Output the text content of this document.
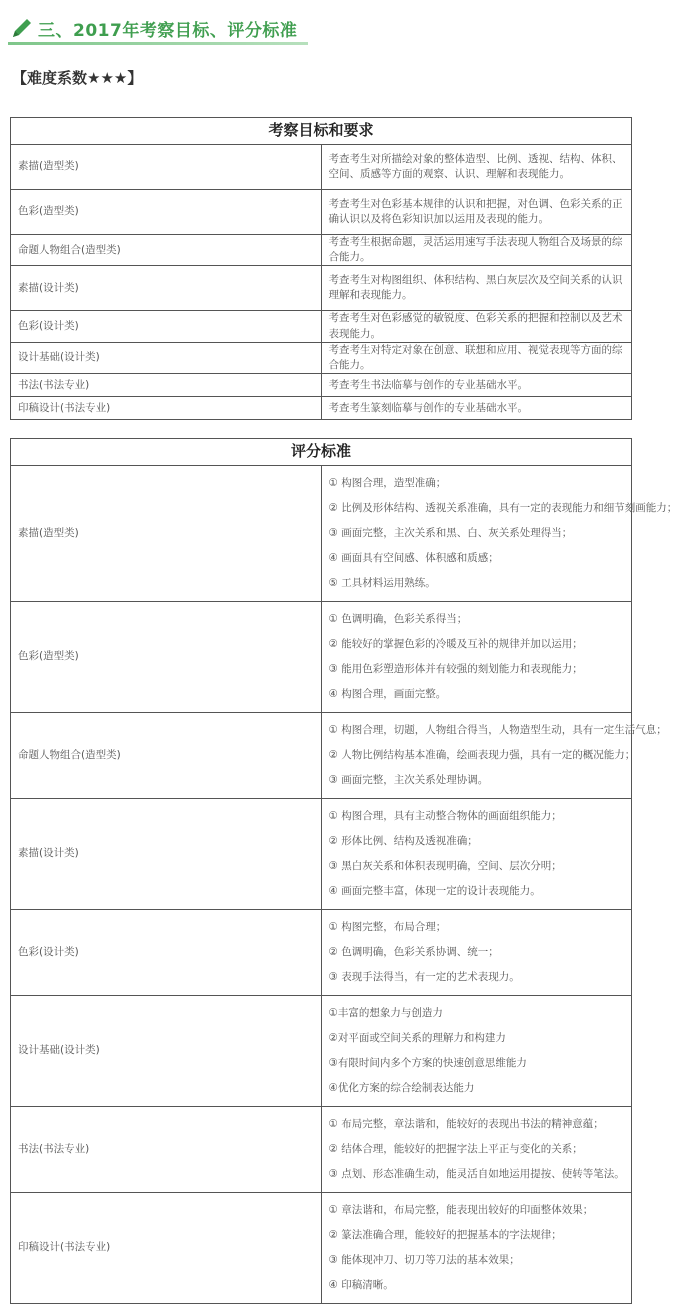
三、2017年考察目标、评分标准
【难度系数★★★】
考察目标和要求	
素描(造型类)	考查考生对所描绘对象的整体造型、比例、透视、结构、体积、空间、质感等方面的观察、认识、理解和表现能力。
色彩(造型类)	考查考生对色彩基本规律的认识和把握，对色调、色彩关系的正确认识以及将色彩知识加以运用及表现的能力。
命题人物组合(造型类)	考查考生根据命题，灵活运用速写手法表现人物组合及场景的综合能力。
素描(设计类)	考查考生对构图组织、体积结构、黑白灰层次及空间关系的认识理解和表现能力。
色彩(设计类)	考查考生对色彩感觉的敏锐度、色彩关系的把握和控制以及艺术表现能力。
设计基础(设计类)	考查考生对特定对象在创意、联想和应用、视觉表现等方面的综合能力。
书法(书法专业)	考查考生书法临摹与创作的专业基础水平。
印稿设计(书法专业)	考查考生篆刻临摹与创作的专业基础水平。
评分标准	
素描(造型类)	① 构图合理，造型准确；
② 比例及形体结构、透视关系准确，具有一定的表现能力和细节刻画能力；
③ 画面完整，主次关系和黑、白、灰关系处理得当；
④ 画面具有空间感、体积感和质感；
⑤ 工具材料运用熟练。

色彩(造型类)	① 色调明确，色彩关系得当；
② 能较好的掌握色彩的冷暖及互补的规律并加以运用；
③ 能用色彩塑造形体并有较强的刻划能力和表现能力；
④ 构图合理，画面完整。

命题人物组合(造型类)	① 构图合理，切题，人物组合得当，人物造型生动，具有一定生活气息；
② 人物比例结构基本准确，绘画表现力强，具有一定的概况能力；
③ 画面完整，主次关系处理协调。

素描(设计类)	① 构图合理，具有主动整合物体的画面组织能力；
② 形体比例、结构及透视准确；
③ 黑白灰关系和体积表现明确，空间、层次分明；
④ 画面完整丰富，体现一定的设计表现能力。

色彩(设计类)	① 构图完整，布局合理；
② 色调明确，色彩关系协调、统一；
③ 表现手法得当，有一定的艺术表现力。

设计基础(设计类)	①丰富的想象力与创造力
②对平面或空间关系的理解力和构建力
③有限时间内多个方案的快速创意思维能力
④优化方案的综合绘制表达能力

书法(书法专业)	① 布局完整，章法谐和，能较好的表现出书法的精神意蕴；
② 结体合理，能较好的把握字法上平正与变化的关系；
③ 点划、形态准确生动，能灵活自如地运用提按、使转等笔法。

印稿设计(书法专业)	① 章法谐和，布局完整，能表现出较好的印面整体效果；
② 篆法准确合理，能较好的把握基本的字法规律；
③ 能体现冲刀、切刀等刀法的基本效果；
④ 印稿清晰。
